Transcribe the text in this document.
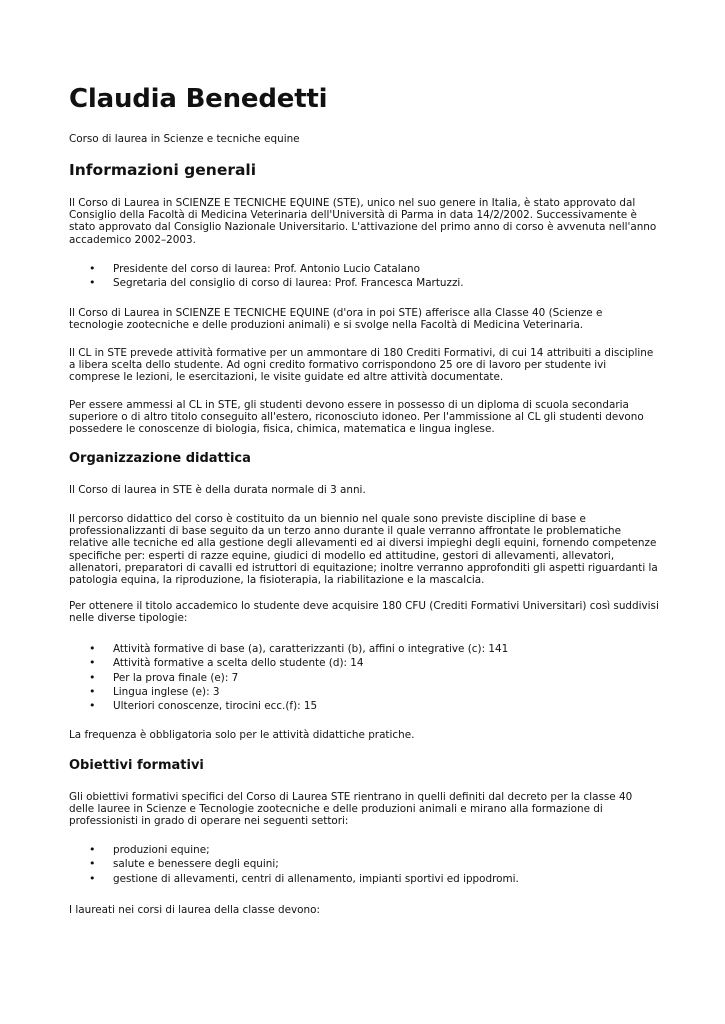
Claudia Benedetti

Corso di laurea in Scienze e tecniche equine

Informazioni generali

Il Corso di Laurea in SCIENZE E TECNICHE EQUINE (STE), unico nel suo genere in Italia, è stato approvato dal Consiglio della Facoltà di Medicina Veterinaria dell'Università di Parma in data 14/2/2002. Successivamente è stato approvato dal Consiglio Nazionale Universitario. L'attivazione del primo anno di corso è avvenuta nell'anno accademico 2002–2003.

• Presidente del corso di laurea: Prof. Antonio Lucio Catalano
• Segretaria del consiglio di corso di laurea: Prof. Francesca Martuzzi.

Il Corso di Laurea in SCIENZE E TECNICHE EQUINE (d'ora in poi STE) afferisce alla Classe 40 (Scienze e tecnologie zootecniche e delle produzioni animali) e si svolge nella Facoltà di Medicina Veterinaria.

Il CL in STE prevede attività formative per un ammontare di 180 Crediti Formativi, di cui 14 attribuiti a discipline a libera scelta dello studente. Ad ogni credito formativo corrispondono 25 ore di lavoro per studente ivi comprese le lezioni, le esercitazioni, le visite guidate ed altre attività documentate.

Per essere ammessi al CL in STE, gli studenti devono essere in possesso di un diploma di scuola secondaria superiore o di altro titolo conseguito all'estero, riconosciuto idoneo. Per l'ammissione al CL gli studenti devono possedere le conoscenze di biologia, fisica, chimica, matematica e lingua inglese.

Organizzazione didattica

Il Corso di laurea in STE è della durata normale di 3 anni.

Il percorso didattico del corso è costituito da un biennio nel quale sono previste discipline di base e professionalizzanti di base seguito da un terzo anno durante il quale verranno affrontate le problematiche relative alle tecniche ed alla gestione degli allevamenti ed ai diversi impieghi degli equini, fornendo competenze specifiche per: esperti di razze equine, giudici di modello ed attitudine, gestori di allevamenti, allevatori, allenatori, preparatori di cavalli ed istruttori di equitazione; inoltre verranno approfonditi gli aspetti riguardanti la patologia equina, la riproduzione, la fisioterapia, la riabilitazione e la mascalcia.

Per ottenere il titolo accademico lo studente deve acquisire 180 CFU (Crediti Formativi Universitari) così suddivisi nelle diverse tipologie:

• Attività formative di base (a), caratterizzanti (b), affini o integrative (c): 141
• Attività formative a scelta dello studente (d): 14
• Per la prova finale (e): 7
• Lingua inglese (e): 3
• Ulteriori conoscenze, tirocini ecc.(f): 15

La frequenza è obbligatoria solo per le attività didattiche pratiche.

Obiettivi formativi

Gli obiettivi formativi specifici del Corso di Laurea STE rientrano in quelli definiti dal decreto per la classe 40 delle lauree in Scienze e Tecnologie zootecniche e delle produzioni animali e mirano alla formazione di professionisti in grado di operare nei seguenti settori:

• produzioni equine;
• salute e benessere degli equini;
• gestione di allevamenti, centri di allenamento, impianti sportivi ed ippodromi.

I laureati nei corsi di laurea della classe devono:
